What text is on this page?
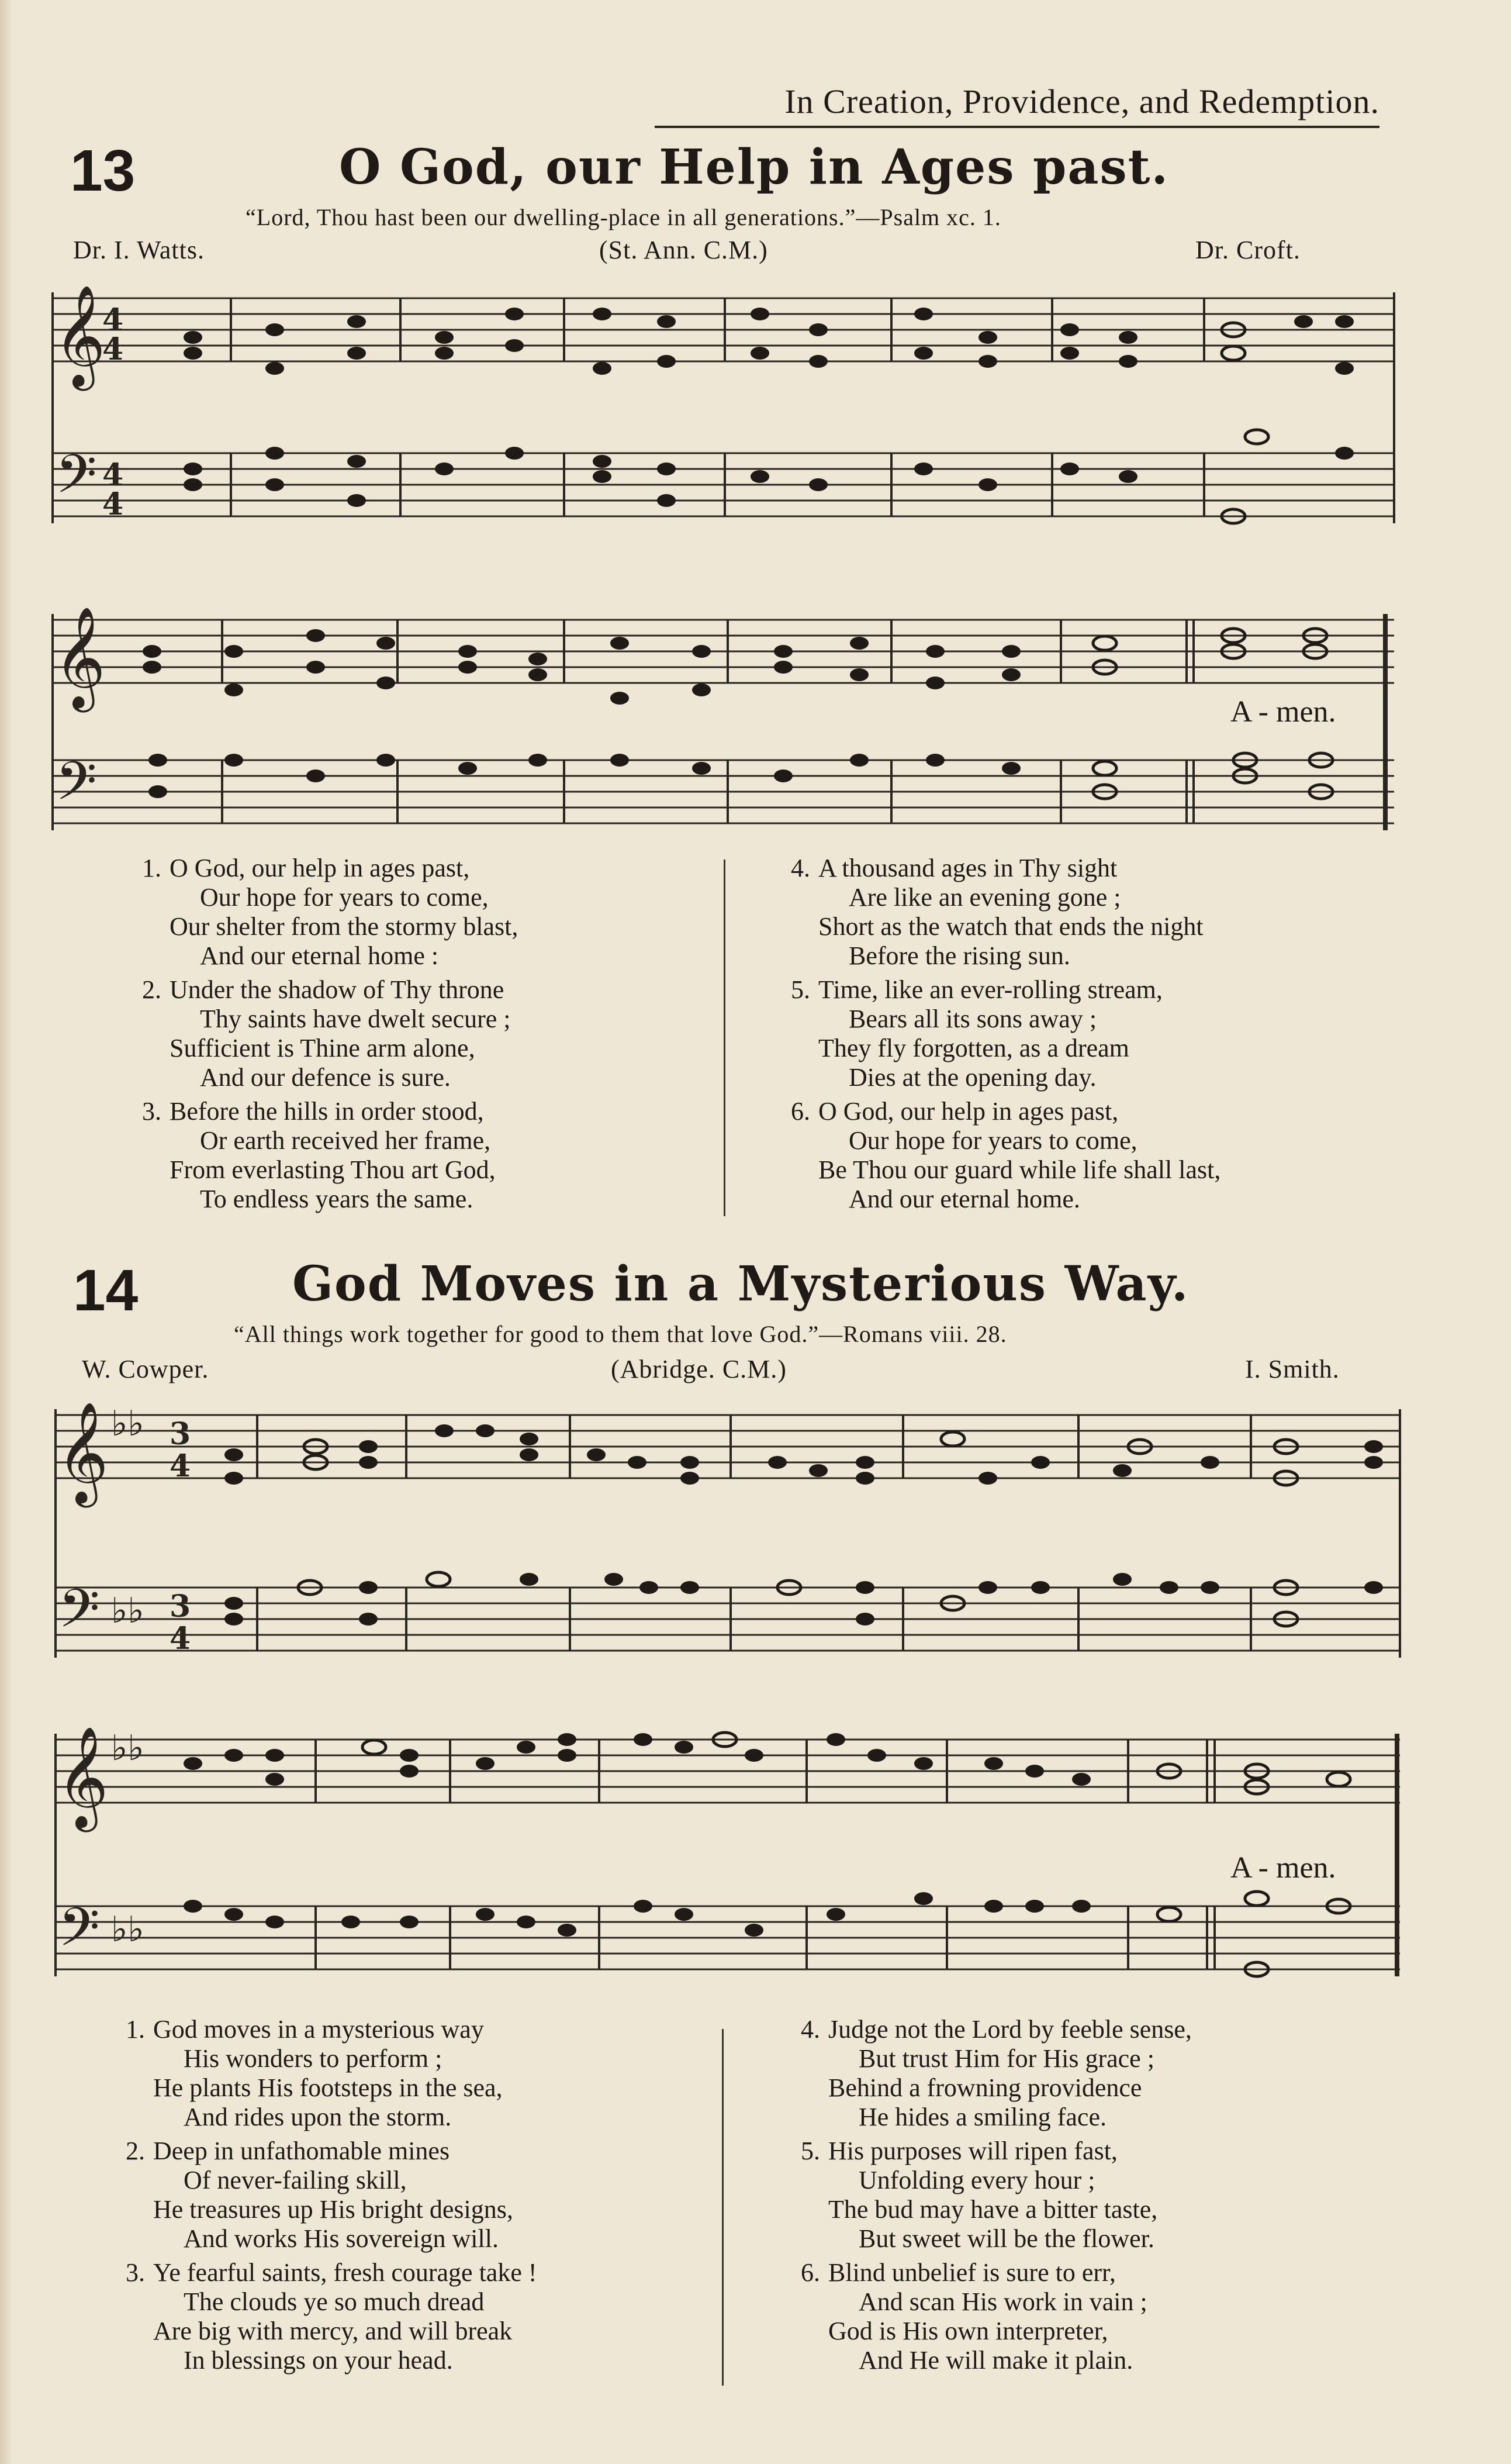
In Creation, Providence, and Redemption.
13	O God, our Help in Ages past.
“Lord, Thou hast been our dwelling-place in all generations.”—Psalm xc. 1.
Dr. I. Watts.	(St. Ann. C.M.)	Dr. Croft.
𝄞
𝄢
𝄞
𝄢
4
4
4
4
A - men.
1. O God, our help in ages past,
Our hope for years to come,
Our shelter from the stormy blast,
And our eternal home :
2. Under the shadow of Thy throne
Thy saints have dwelt secure ;
Sufficient is Thine arm alone,
And our defence is sure.
3. Before the hills in order stood,
Or earth received her frame,
From everlasting Thou art God,
To endless years the same.
4. A thousand ages in Thy sight
Are like an evening gone ;
Short as the watch that ends the night
Before the rising sun.
5. Time, like an ever-rolling stream,
Bears all its sons away ;
They fly forgotten, as a dream
Dies at the opening day.
6. O God, our help in ages past,
Our hope for years to come,
Be Thou our guard while life shall last,
And our eternal home.
14	God Moves in a Mysterious Way.
“All things work together for good to them that love God.”—Romans viii. 28.
W. Cowper.	(Abridge. C.M.)	I. Smith.
𝄞
𝄢
𝄞
𝄢
♭♭
♭♭
♭♭
♭♭
3
4
3
4
A - men.
1. God moves in a mysterious way
His wonders to perform ;
He plants His footsteps in the sea,
And rides upon the storm.
2. Deep in unfathomable mines
Of never-failing skill,
He treasures up His bright designs,
And works His sovereign will.
3. Ye fearful saints, fresh courage take !
The clouds ye so much dread
Are big with mercy, and will break
In blessings on your head.
4. Judge not the Lord by feeble sense,
But trust Him for His grace ;
Behind a frowning providence
He hides a smiling face.
5. His purposes will ripen fast,
Unfolding every hour ;
The bud may have a bitter taste,
But sweet will be the flower.
6. Blind unbelief is sure to err,
And scan His work in vain ;
God is His own interpreter,
And He will make it plain.
